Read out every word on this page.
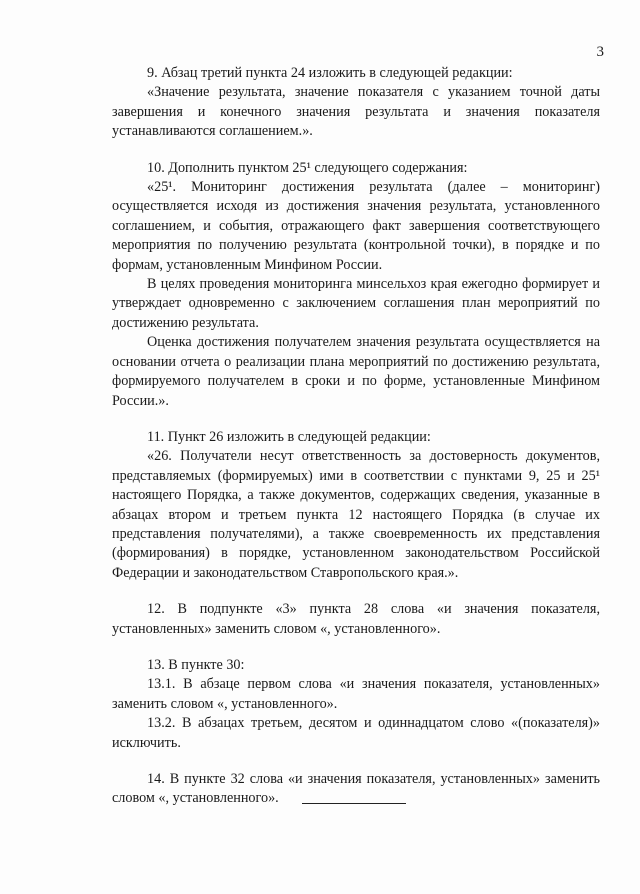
3

9. Абзац третий пункта 24 изложить в следующей редакции:

«Значение результата, значение показателя с указанием точной даты завершения и конечного значения результата и значения показателя устанавливаются соглашением.».

10. Дополнить пунктом 25¹ следующего содержания:

«25¹. Мониторинг достижения результата (далее – мониторинг) осуществляется исходя из достижения значения результата, установленного соглашением, и события, отражающего факт завершения соответствующего мероприятия по получению результата (контрольной точки), в порядке и по формам, установленным Минфином России.

В целях проведения мониторинга минсельхоз края ежегодно формирует и утверждает одновременно с заключением соглашения план мероприятий по достижению результата.

Оценка достижения получателем значения результата осуществляется на основании отчета о реализации плана мероприятий по достижению результата, формируемого получателем в сроки и по форме, установленные Минфином России.».

11. Пункт 26 изложить в следующей редакции:

«26. Получатели несут ответственность за достоверность документов, представляемых (формируемых) ими в соответствии с пунктами 9, 25 и 25¹ настоящего Порядка, а также документов, содержащих сведения, указанные в абзацах втором и третьем пункта 12 настоящего Порядка (в случае их представления получателями), а также своевременность их представления (формирования) в порядке, установленном законодательством Российской Федерации и законодательством Ставропольского края.».

12. В подпункте «3» пункта 28 слова «и значения показателя, установленных» заменить словом «, установленного».

13. В пункте 30:

13.1. В абзаце первом слова «и значения показателя, установленных» заменить словом «, установленного».

13.2. В абзацах третьем, десятом и одиннадцатом слово «(показателя)» исключить.

14. В пункте 32 слова «и значения показателя, установленных» заменить словом «, установленного».
